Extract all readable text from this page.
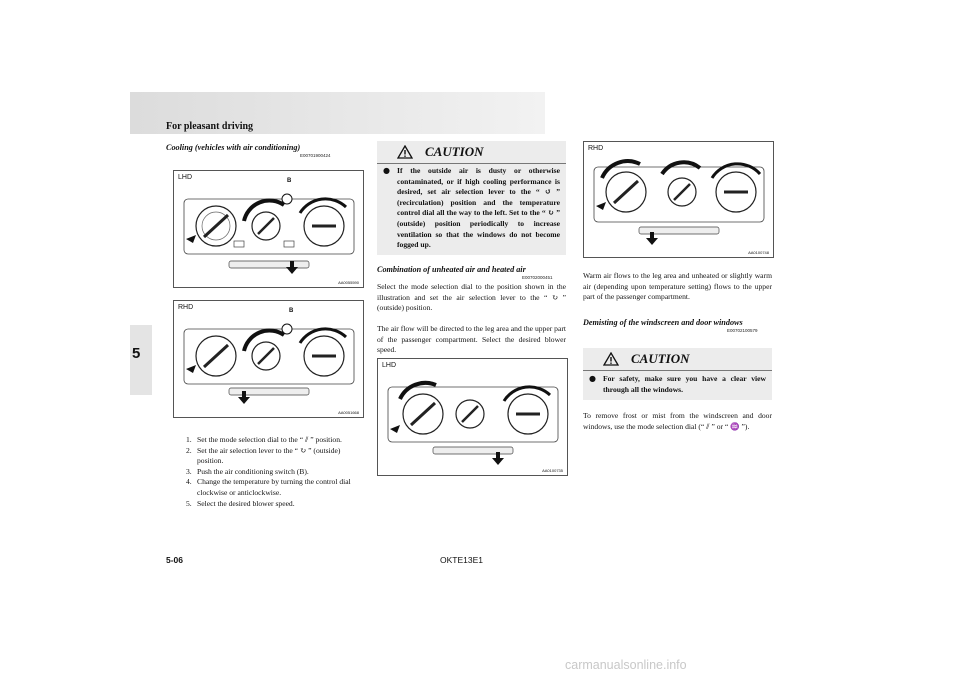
For pleasant driving
5
Cooling (vehicles with air conditioning)
E00701900424
B
LHD
AA0055590
B
RHD
AA0051668
1. Set the mode selection dial to the “ ⫽ ” position.
2. Set the air selection lever to the “ ↻ ” (outside) position.
3. Push the air conditioning switch (B).
4. Change the temperature by turning the control dial clockwise or anticlockwise.
5. Select the desired blower speed.
CAUTION
● If the outside air is dusty or otherwise contaminated, or if high cooling performance is desired, set air selection lever to the “ ↺ ” (recirculation) position and the temperature control dial all the way to the left. Set to the “ ↻ ” (outside) position periodically to increase ventilation so that the windows do not become fogged up.
Combination of unheated air and heated air
E00702000451
Select the mode selection dial to the position shown in the illustration and set the air selection lever to the “ ↻ ” (outside) position.
The air flow will be directed to the leg area and the upper part of the passenger compartment. Select the desired blower speed.
LHD
AA0100735
RHD
AA0100748
Warm air flows to the leg area and unheated or slightly warm air (depending upon temperature setting) flows to the upper part of the passenger compartment.
Demisting of the windscreen and door windows
E00702100579
CAUTION
● For safety, make sure you have a clear view through all the windows.
To remove frost or mist from the windscreen and door windows, use the mode selection dial (“ ⫽ ” or “ ♒ ”).
5-06	OKTE13E1
carmanualsonline.info
